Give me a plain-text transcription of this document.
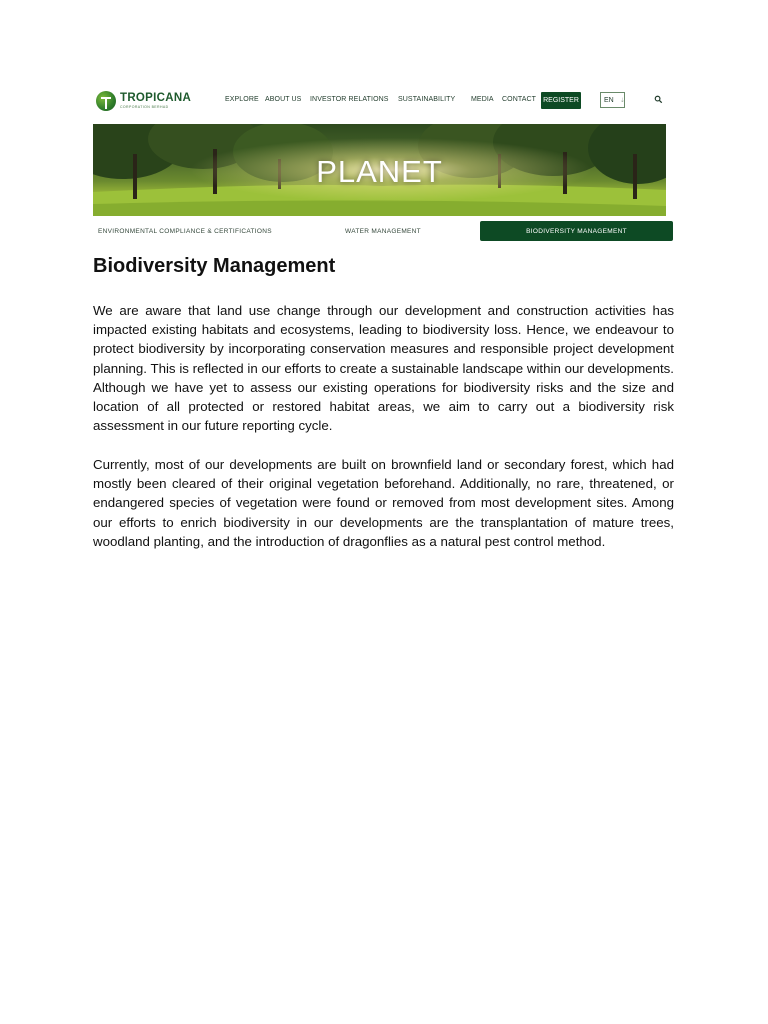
TROPICANA
CORPORATION BERHAD
EXPLORE ABOUT US INVESTOR RELATIONS SUSTAINABILITY MEDIA CONTACT REGISTER	EN ⇣
PLANET
ENVIRONMENTAL COMPLIANCE & CERTIFICATIONS	WATER MANAGEMENT	BIODIVERSITY MANAGEMENT
Biodiversity Management

We are aware that land use change through our development and construction activities has impacted existing habitats and ecosystems, leading to biodiversity loss. Hence, we endeavour to protect biodiversity by incorporating conservation measures and responsible project development planning. This is reflected in our efforts to create a sustainable landscape within our developments. Although we have yet to assess our existing operations for biodiversity risks and the size and location of all protected or restored habitat areas, we aim to carry out a biodiversity risk assessment in our future reporting cycle.

Currently, most of our developments are built on brownfield land or secondary forest, which had mostly been cleared of their original vegetation beforehand. Additionally, no rare, threatened, or endangered species of vegetation were found or removed from most development sites. Among our efforts to enrich biodiversity in our developments are the transplantation of mature trees, woodland planting, and the introduction of dragonflies as a natural pest control method.
